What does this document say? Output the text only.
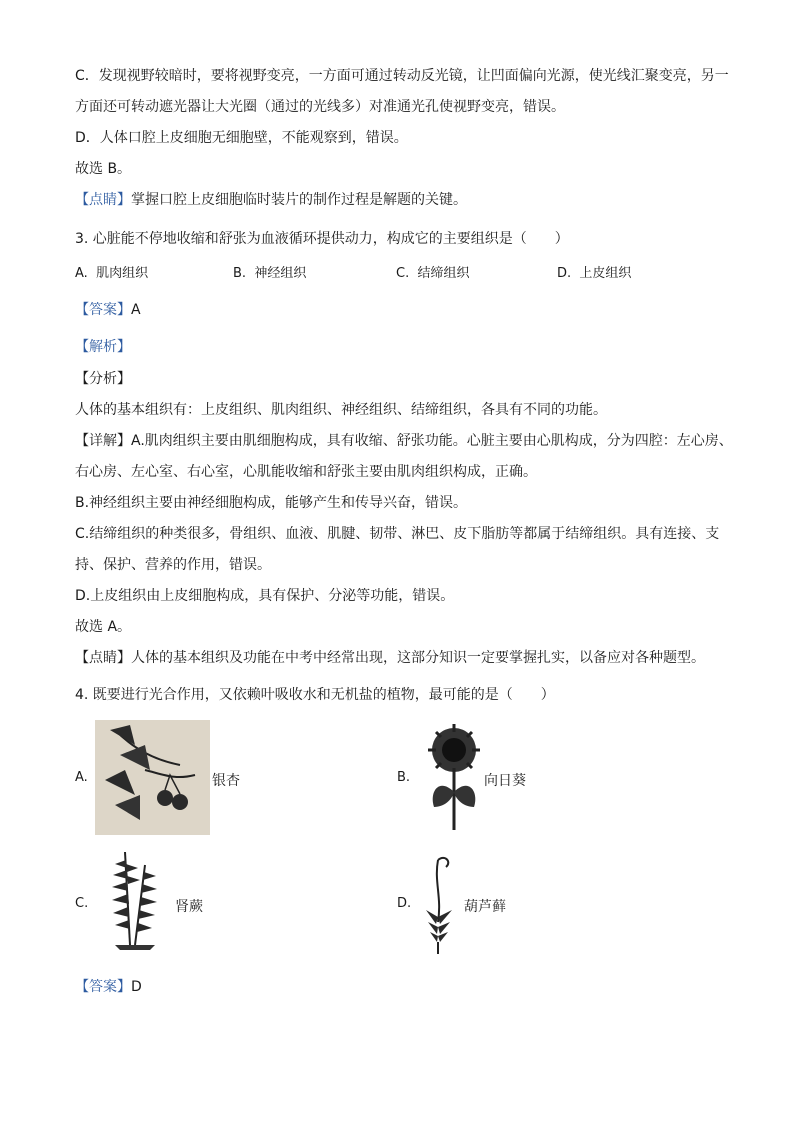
C．发现视野较暗时，要将视野变亮，一方面可通过转动反光镜，让凹面偏向光源，使光线汇聚变亮，另一
方面还可转动遮光器让大光圈（通过的光线多）对准通光孔使视野变亮，错误。
D．人体口腔上皮细胞无细胞壁，不能观察到，错误。
故选 B。
【点睛】掌握口腔上皮细胞临时装片的制作过程是解题的关键。
3. 心脏能不停地收缩和舒张为血液循环提供动力，构成它的主要组织是（　　）
A. 肌肉组织	B. 神经组织	C. 结缔组织	D. 上皮组织
【答案】A
【解析】
【分析】
人体的基本组织有：上皮组织、肌肉组织、神经组织、结缔组织，各具有不同的功能。
【详解】A.肌肉组织主要由肌细胞构成，具有收缩、舒张功能。心脏主要由心肌构成，分为四腔：左心房、
右心房、左心室、右心室，心肌能收缩和舒张主要由肌肉组织构成，正确。
B.神经组织主要由神经细胞构成，能够产生和传导兴奋，错误。
C.结缔组织的种类很多，骨组织、血液、肌腱、韧带、淋巴、皮下脂肪等都属于结缔组织。具有连接、支
持、保护、营养的作用，错误。
D.上皮组织由上皮细胞构成，具有保护、分泌等功能，错误。
故选 A。
【点睛】人体的基本组织及功能在中考中经常出现，这部分知识一定要掌握扎实，以备应对各种题型。
4. 既要进行光合作用，又依赖叶吸收水和无机盐的植物，最可能的是（　　）
A.	银杏	B.	向日葵
C.	肾蕨	D.	葫芦藓
【答案】D
